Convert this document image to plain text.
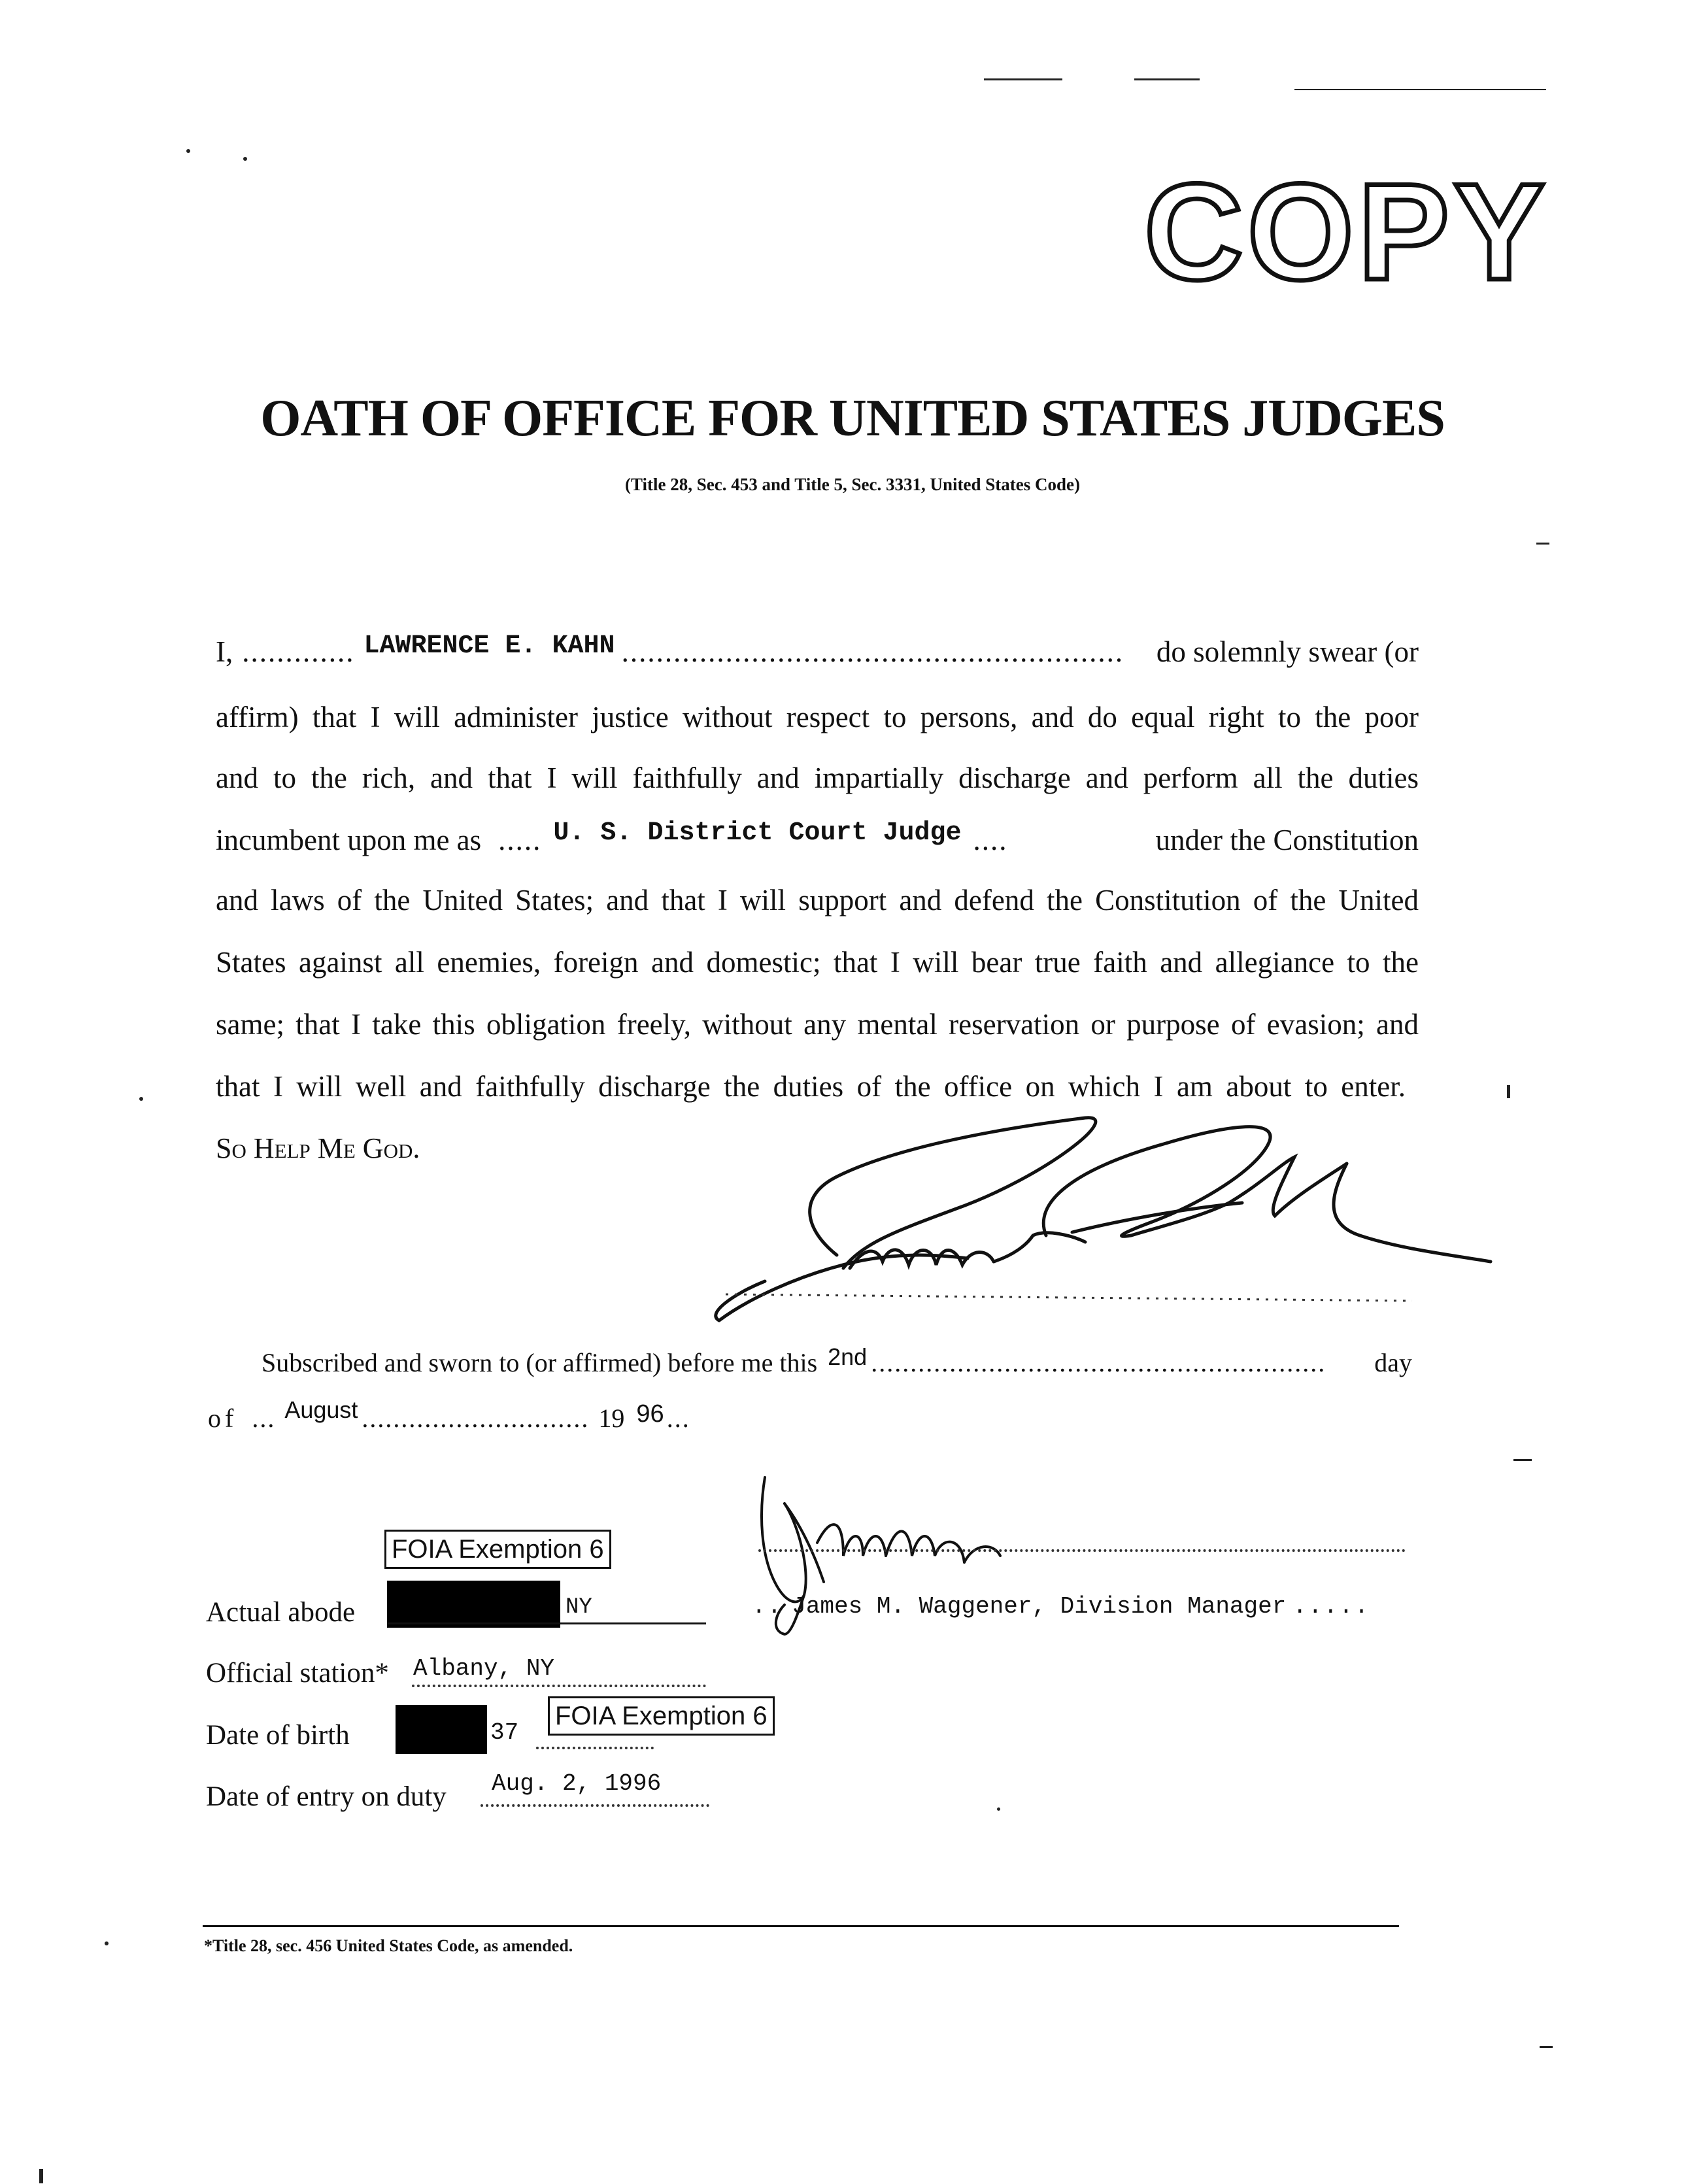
COPY
OATH OF OFFICE FOR UNITED STATES JUDGES
(Title 28, Sec. 453 and Title 5, Sec. 3331, United States Code)
I, ............. LAWRENCE E. KAHN ..........................................................	do solemnly swear (or
affirm) that I will administer justice without respect to persons, and do equal right to the poor
and to the rich, and that I will faithfully and impartially discharge and perform all the duties
incumbent upon me as ..... U. S. District Court Judge ....	under the Constitution
and laws of the United States; and that I will support and defend the Constitution of the United
States against all enemies, foreign and domestic; that I will bear true faith and allegiance to the
same; that I take this obligation freely, without any mental reservation or purpose of evasion; and
that I will well and faithfully discharge the duties of the office on which I am about to enter.
So Help Me God.
Subscribed and sworn to (or affirmed) before me this 2nd ..........................................................	day
of ... August ............................. 19 96 ...
.. James M. Waggener, Division Manager .....
FOIA Exemption 6
Actual abode	NY
Official station* Albany, NY
Date of birth	37
FOIA Exemption 6
Date of entry on duty Aug. 2, 1996
*Title 28, sec. 456 United States Code, as amended.
